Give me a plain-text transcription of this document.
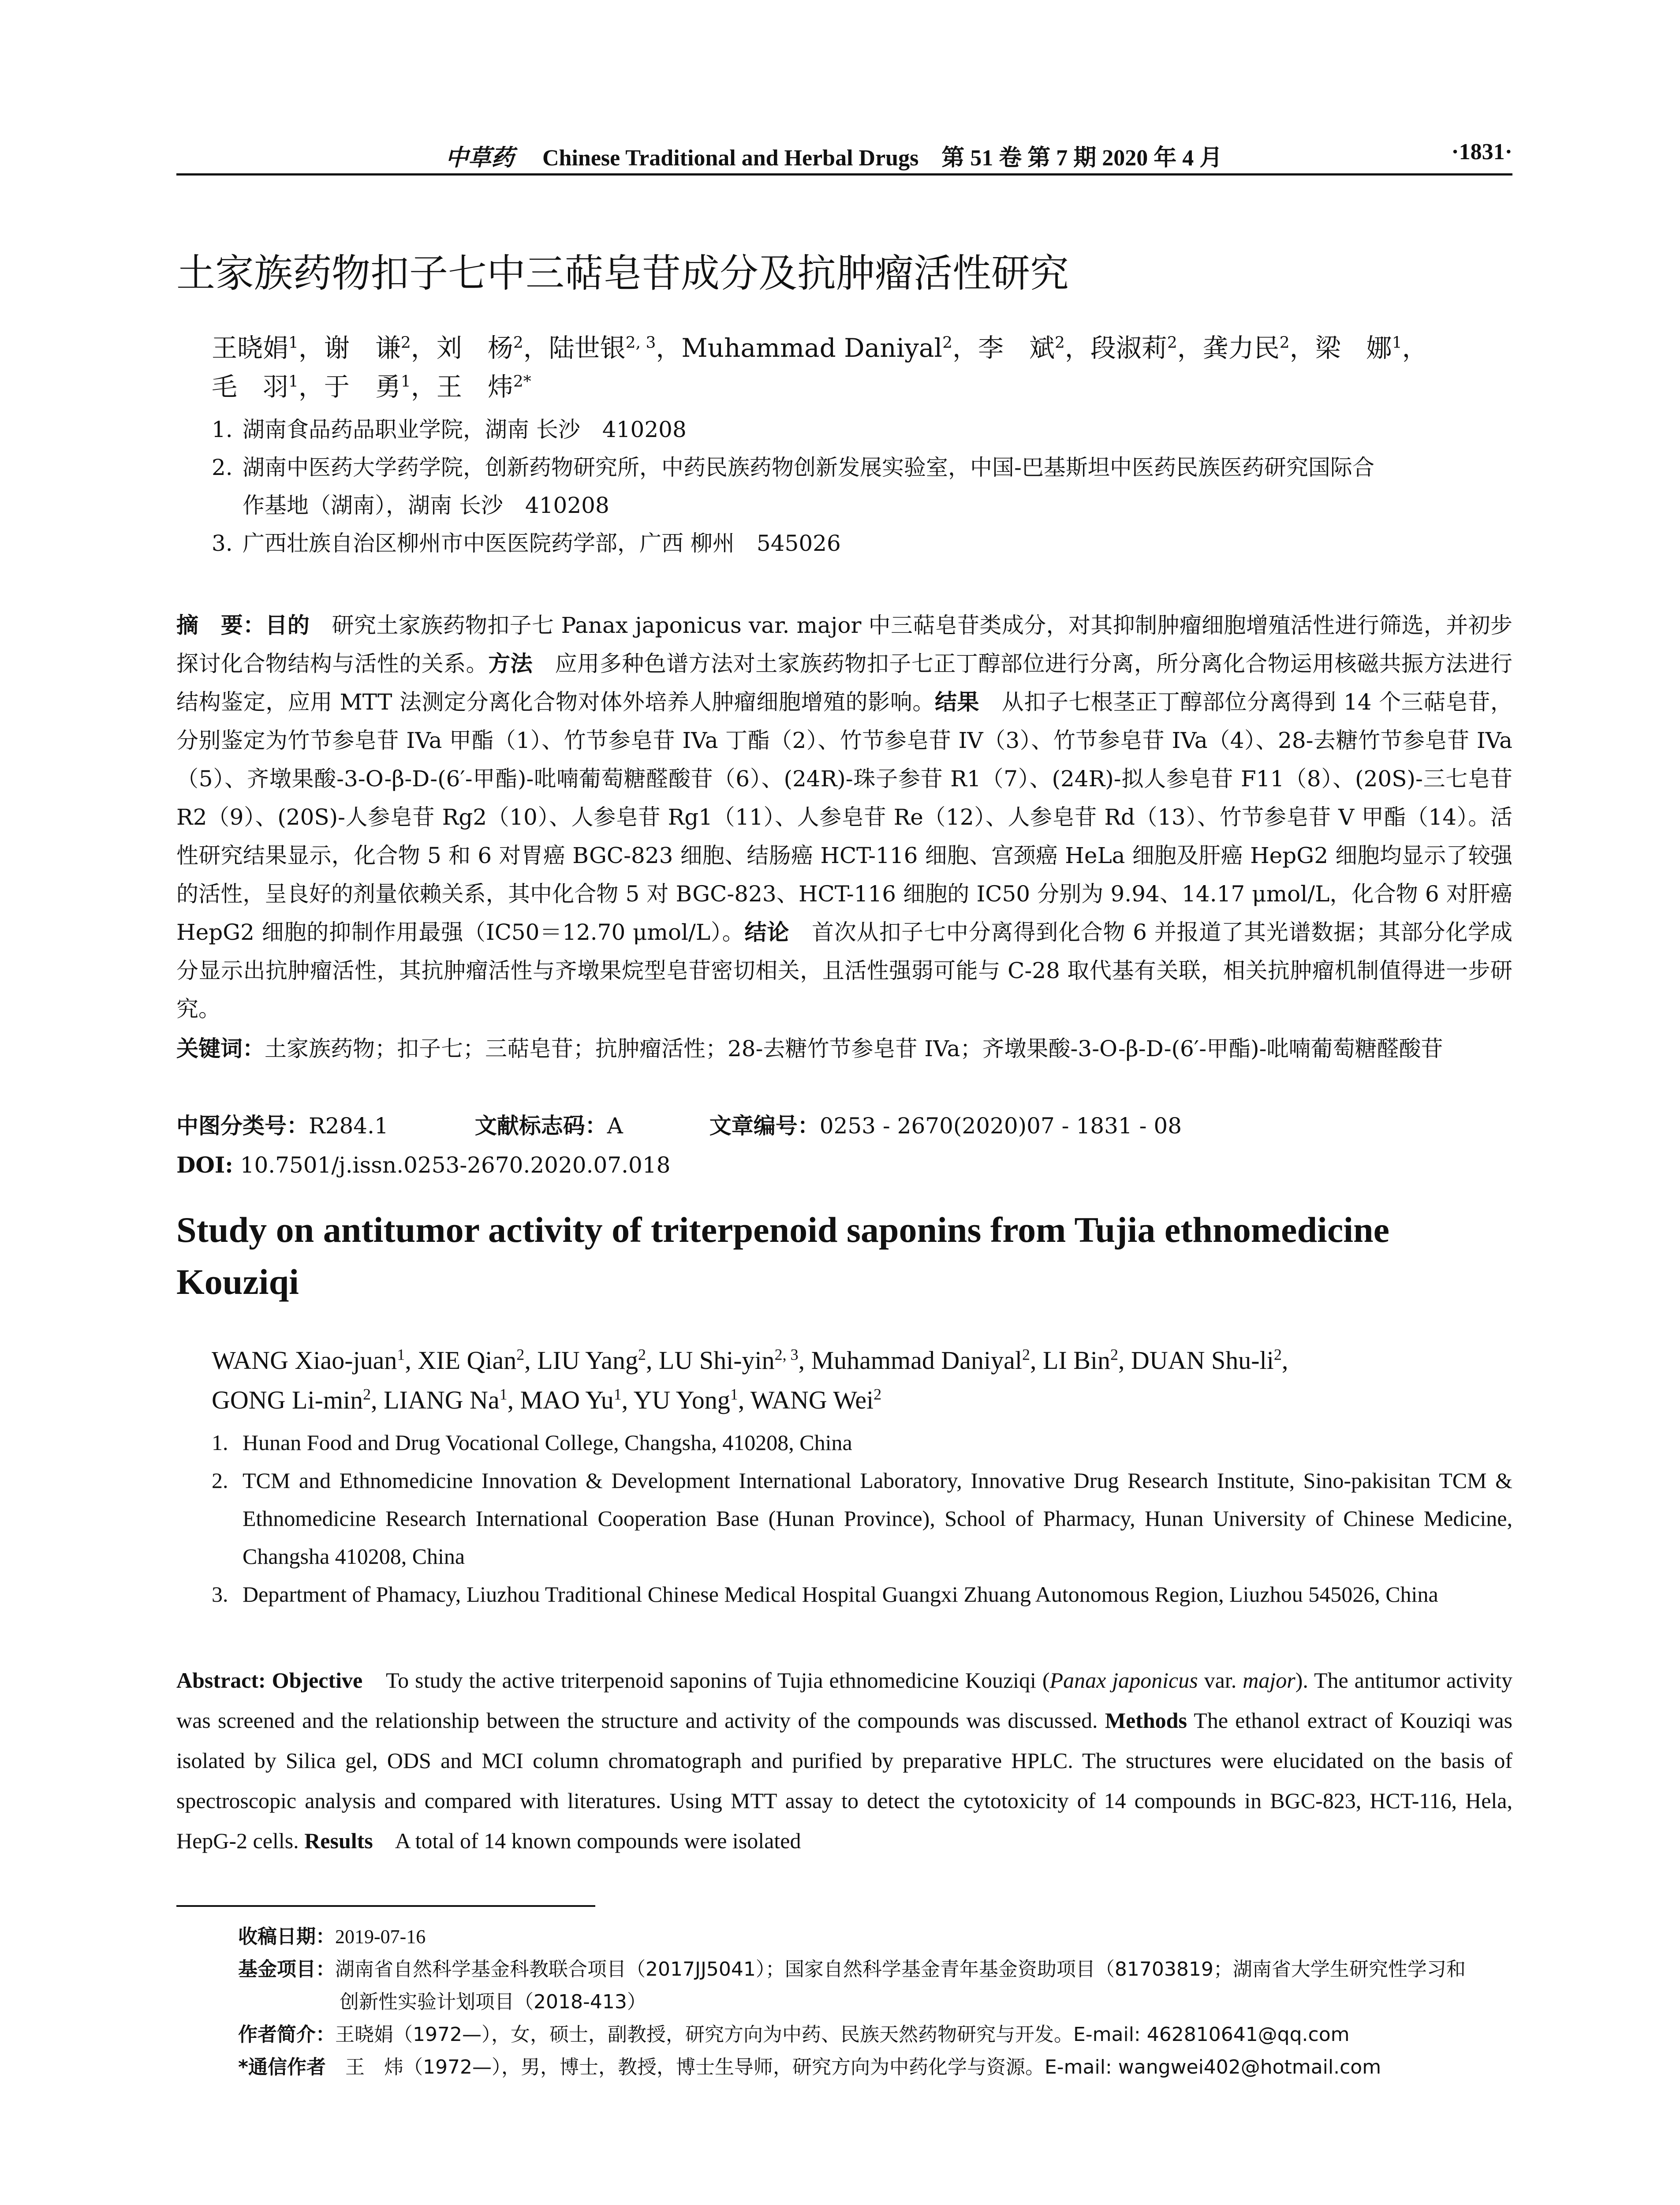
中草药 Chinese Traditional and Herbal Drugs　第 51 卷 第 7 期 2020 年 4 月	·1831·
土家族药物扣子七中三萜皂苷成分及抗肿瘤活性研究
王晓娟$^1$，谢　谦$^2$，刘　杨$^2$，陆世银$^{2, 3}$，Muhammad Daniyal$^2$，李　斌$^2$，段淑莉$^2$，龚力民$^2$，梁　娜$^1$，
毛　羽$^1$，于　勇$^1$，王　炜$^{2*}$
1. 湖南食品药品职业学院，湖南 长沙　410208
2. 湖南中医药大学药学院，创新药物研究所，中药民族药物创新发展实验室，中国-巴基斯坦中医药民族医药研究国际合
作基地（湖南），湖南 长沙　410208
3. 广西壮族自治区柳州市中医医院药学部，广西 柳州　545026
摘　要：目的　 研究土家族药物扣子七 Panax japonicus var. major 中三萜皂苷类成分，对其抑制肿瘤细胞增殖活性进行筛选，并初步探讨化合物结构与活性的关系。方法　 应用多种色谱方法对土家族药物扣子七正丁醇部位进行分离，所分离化合物运用核磁共振方法进行结构鉴定，应用 MTT 法测定分离化合物对体外培养人肿瘤细胞增殖的影响。结果　 从扣子七根茎正丁醇部位分离得到 14 个三萜皂苷，分别鉴定为竹节参皂苷 IVa 甲酯（1）、竹节参皂苷 IVa 丁酯（2）、竹节参皂苷 IV（3）、竹节参皂苷 IVa（4）、28-去糖竹节参皂苷 IVa（5）、齐墩果酸-3-O-β-D-(6′-甲酯)-吡喃葡萄糖醛酸苷（6）、(24R)-珠子参苷 R1（7）、(24R)-拟人参皂苷 F11（8）、(20S)-三七皂苷 R2（9）、(20S)-人参皂苷 Rg2（10）、人参皂苷 Rg1（11）、人参皂苷 Re（12）、人参皂苷 Rd（13）、竹节参皂苷 V 甲酯（14）。活性研究结果显示，化合物 5 和 6 对胃癌 BGC-823 细胞、结肠癌 HCT-116 细胞、宫颈癌 HeLa 细胞及肝癌 HepG2 细胞均显示了较强的活性，呈良好的剂量依赖关系，其中化合物 5 对 BGC-823、HCT-116 细胞的 IC50 分别为 9.94、14.17 μmol/L，化合物 6 对肝癌 HepG2 细胞的抑制作用最强（IC50＝12.70 μmol/L）。结论　 首次从扣子七中分离得到化合物 6 并报道了其光谱数据；其部分化学成分显示出抗肿瘤活性，其抗肿瘤活性与齐墩果烷型皂苷密切相关，且活性强弱可能与 C-28 取代基有关联，相关抗肿瘤机制值得进一步研究。
关键词：土家族药物；扣子七；三萜皂苷；抗肿瘤活性；28-去糖竹节参皂苷 IVa；齐墩果酸-3-O-β-D-(6′-甲酯)-吡喃葡萄糖醛酸苷
中图分类号：R284.1	文献标志码：A	文章编号：0253 - 2670(2020)07 - 1831 - 08
DOI: 10.7501/j.issn.0253-2670.2020.07.018
Study on antitumor activity of triterpenoid saponins from Tujia ethnomedicine Kouziqi
WANG Xiao-juan$^1$, XIE Qian$^2$, LIU Yang$^2$, LU Shi-yin$^{2, 3}$, Muhammad Daniyal$^2$, LI Bin$^2$, DUAN Shu-$li^2$,
GONG $Li-\min^2$, LIANG Na$^1$, MAO Yu$^1$, YU Yong$^1$, WANG Wei$^2$
1. Hunan Food and Drug Vocational College, Changsha, 410208, China
2. TCM and Ethnomedicine Innovation & Development International Laboratory, Innovative Drug Research Institute, Sino-pakisitan TCM & Ethnomedicine Research International Cooperation Base (Hunan Province), School of Pharmacy, Hunan University of Chinese Medicine, Changsha 410208, China
3. Department of Phamacy, Liuzhou Traditional Chinese Medical Hospital Guangxi Zhuang Autonomous Region, Liuzhou 545026, China
Abstract: Objective　 To study the active triterpenoid saponins of Tujia ethnomedicine Kouziqi (Panax japonicus var. major). The antitumor activity was screened and the relationship between the structure and activity of the compounds was discussed. Methods The ethanol extract of Kouziqi was isolated by Silica gel, ODS and MCI column chromatograph and purified by preparative HPLC. The structures were elucidated on the basis of spectroscopic analysis and compared with literatures. Using MTT assay to detect the cytotoxicity of 14 compounds in BGC-823, HCT-116, Hela, HepG-2 cells. Results　 A total of 14 known compounds were isolated
收稿日期：2019-07-16
基金项目：湖南省自然科学基金科教联合项目（2017JJ5041）；国家自然科学基金青年基金资助项目（81703819；湖南省大学生研究性学习和
创新性实验计划项目（2018-413）
作者简介：王晓娟（1972—），女，硕士，副教授，研究方向为中药、民族天然药物研究与开发。E-mail: 462810641@qq.com
*通信作者　 王　炜（1972—），男，博士，教授，博士生导师，研究方向为中药化学与资源。E-mail: wangwei402@hotmail.com
